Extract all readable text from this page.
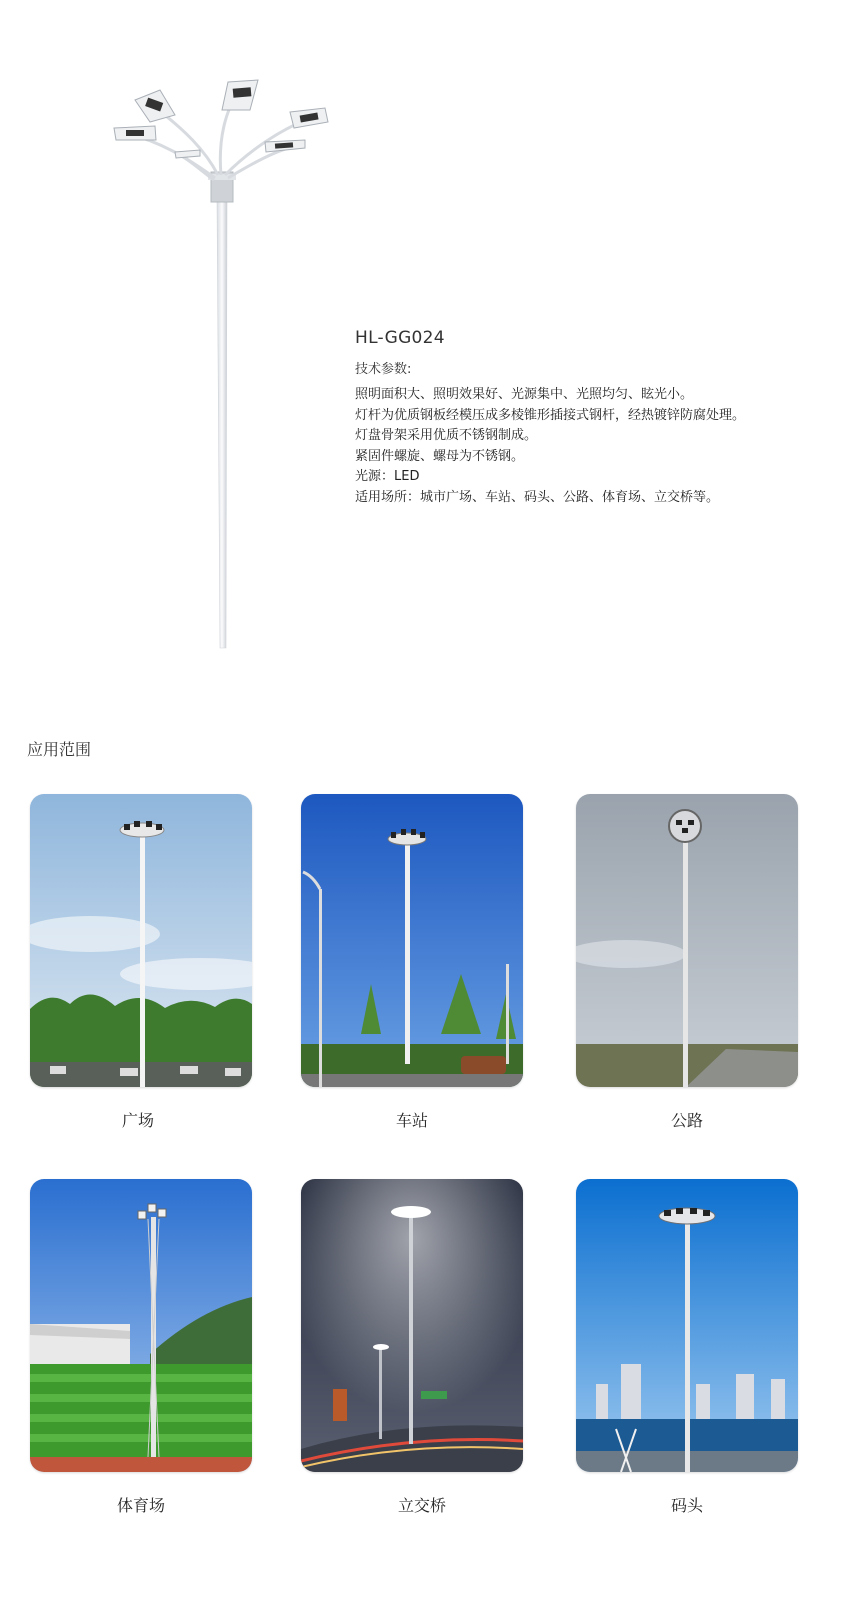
HL-GG024
技术参数:
照明面积大、照明效果好、光源集中、光照均匀、眩光小。
灯杆为优质钢板经模压成多棱锥形插接式钢杆，经热镀锌防腐处理。
灯盘骨架采用优质不锈钢制成。
紧固件螺旋、螺母为不锈钢。
光源：LED
适用场所：城市广场、车站、码头、公路、体育场、立交桥等。
应用范围
广场	车站	公路
体育场	立交桥	码头
